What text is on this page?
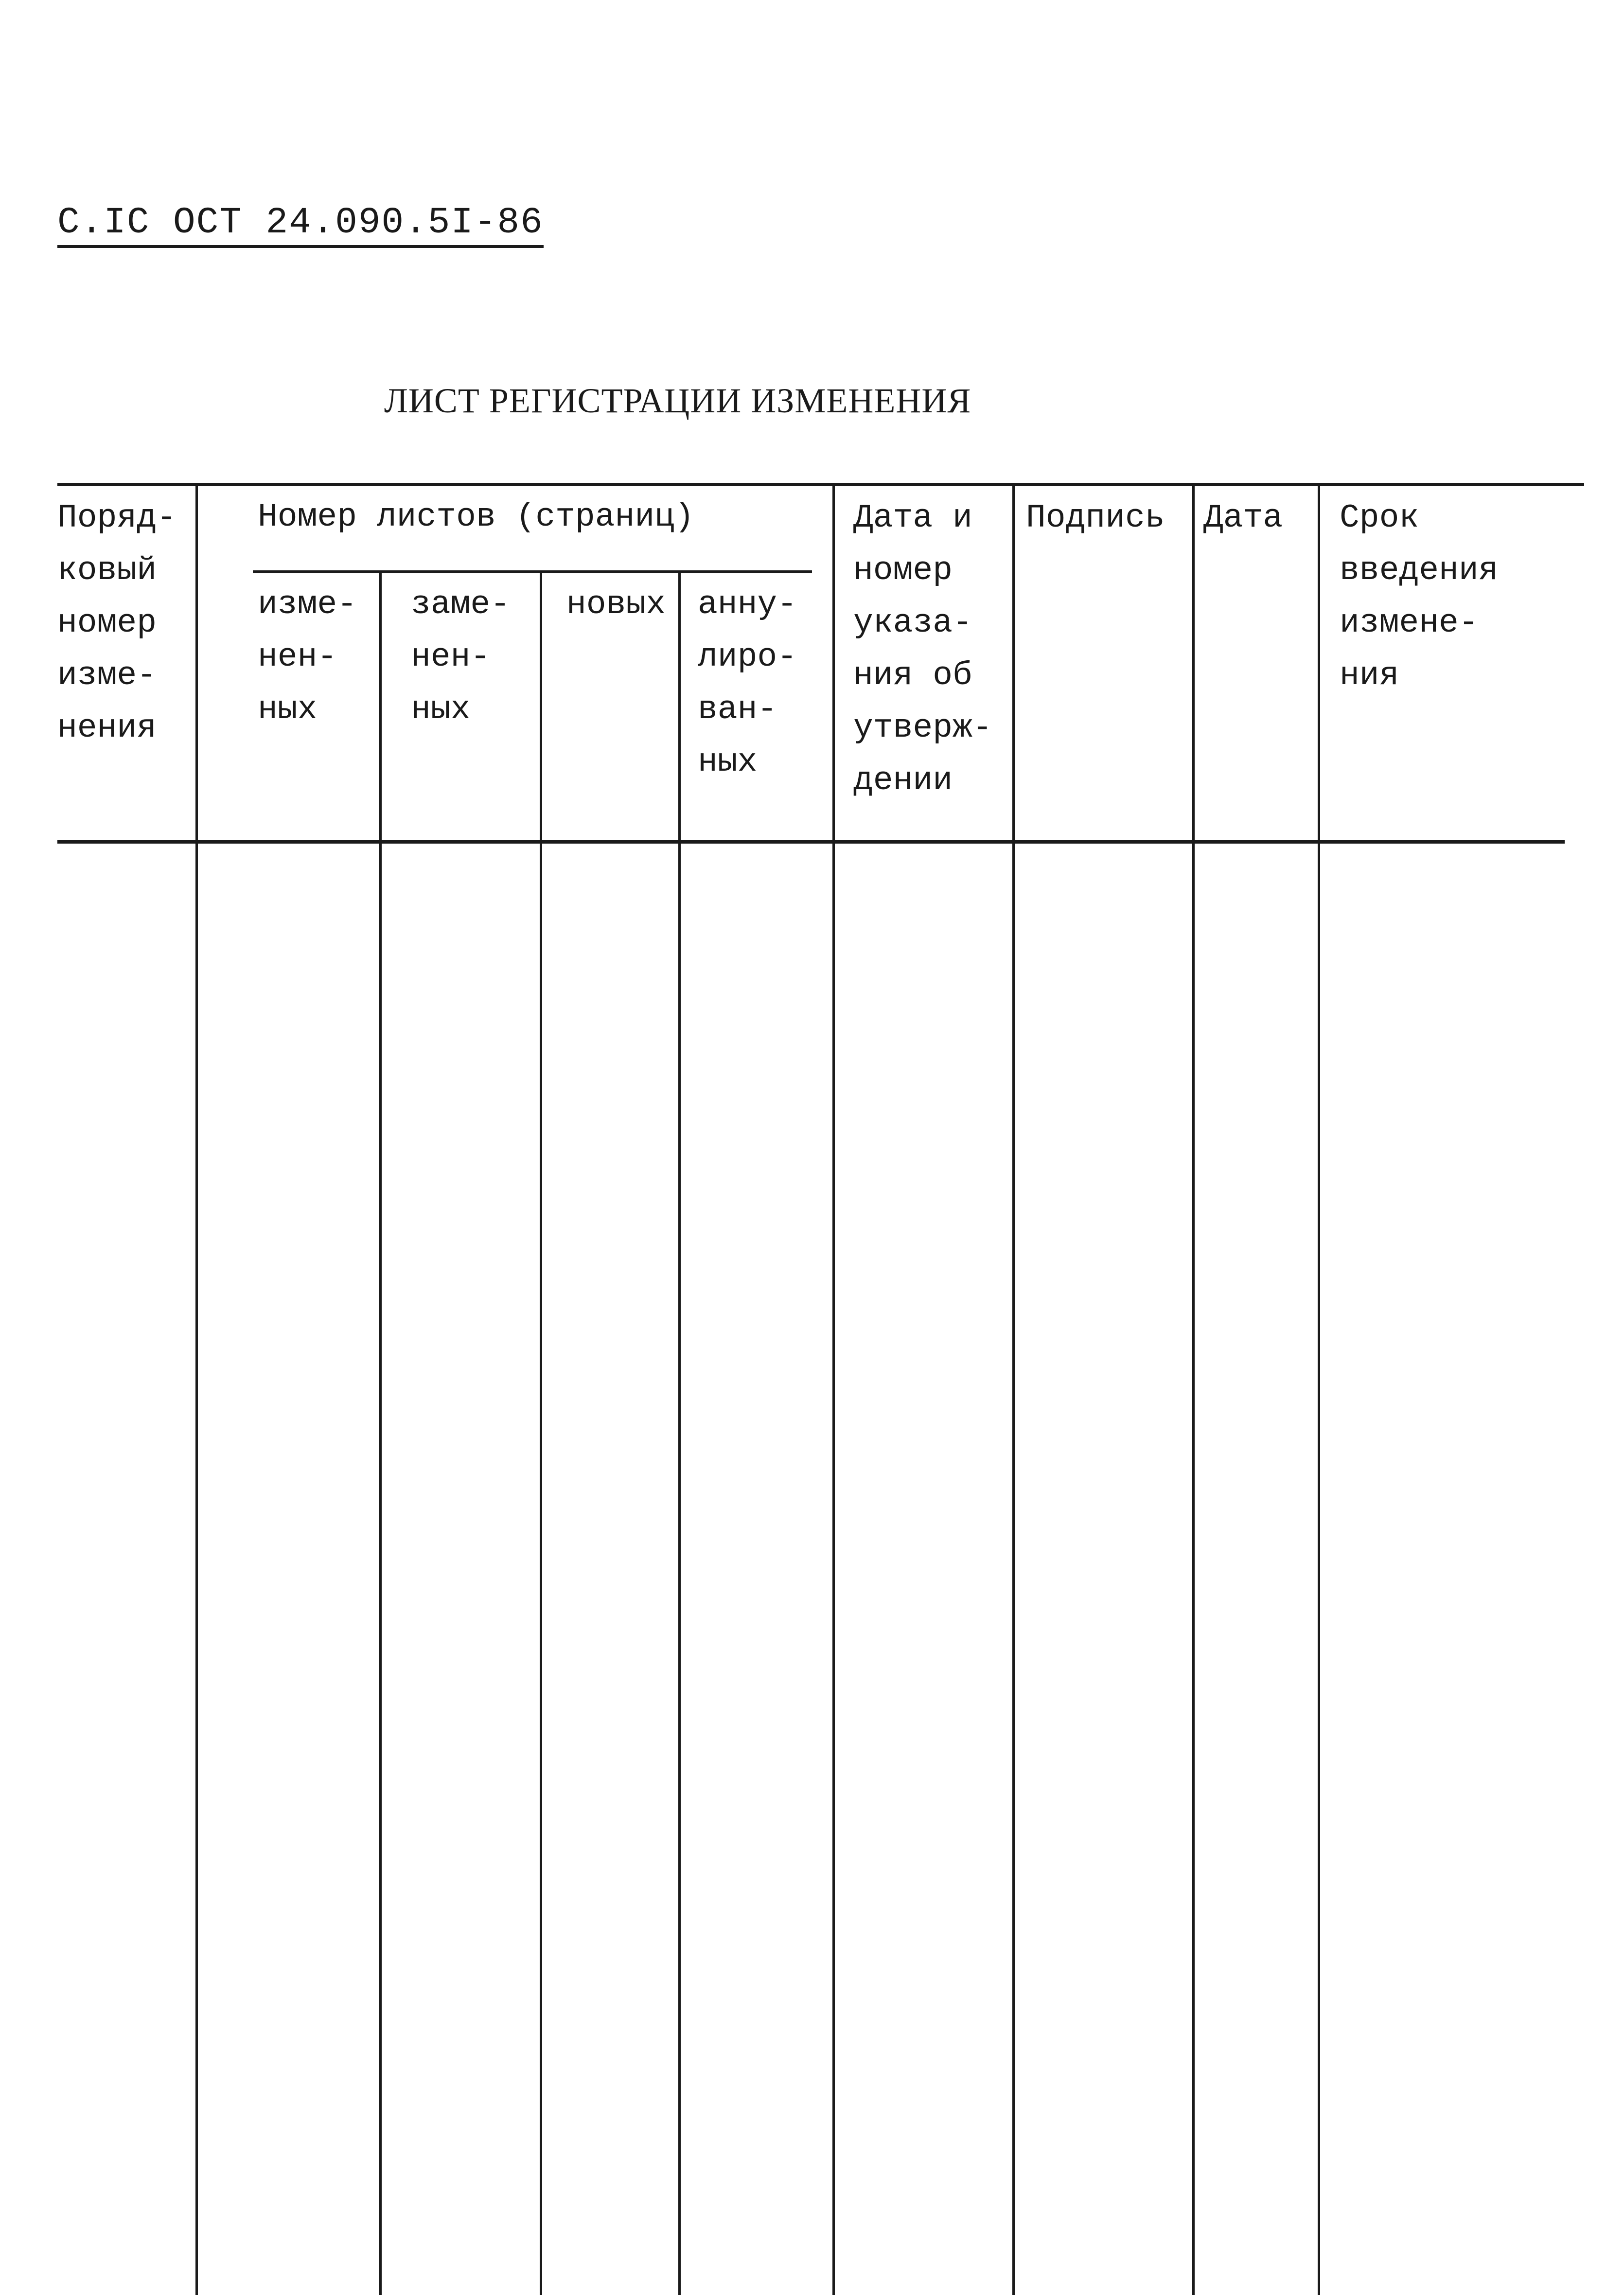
С.IС ОСТ 24.090.5I-86
ЛИСТ РЕГИСТРАЦИИ ИЗМЕНЕНИЯ
Поряд-
ковый
номер
изме-
нения
Номер листов (страниц)
изме-
нен-
ных
заме-
нен-
ных
новых анну-
лиро-
ван-
ных
Дата и
номер
указа-
ния об
утверж-
дении
Подпись Дата Срок
введения
измене-
ния
